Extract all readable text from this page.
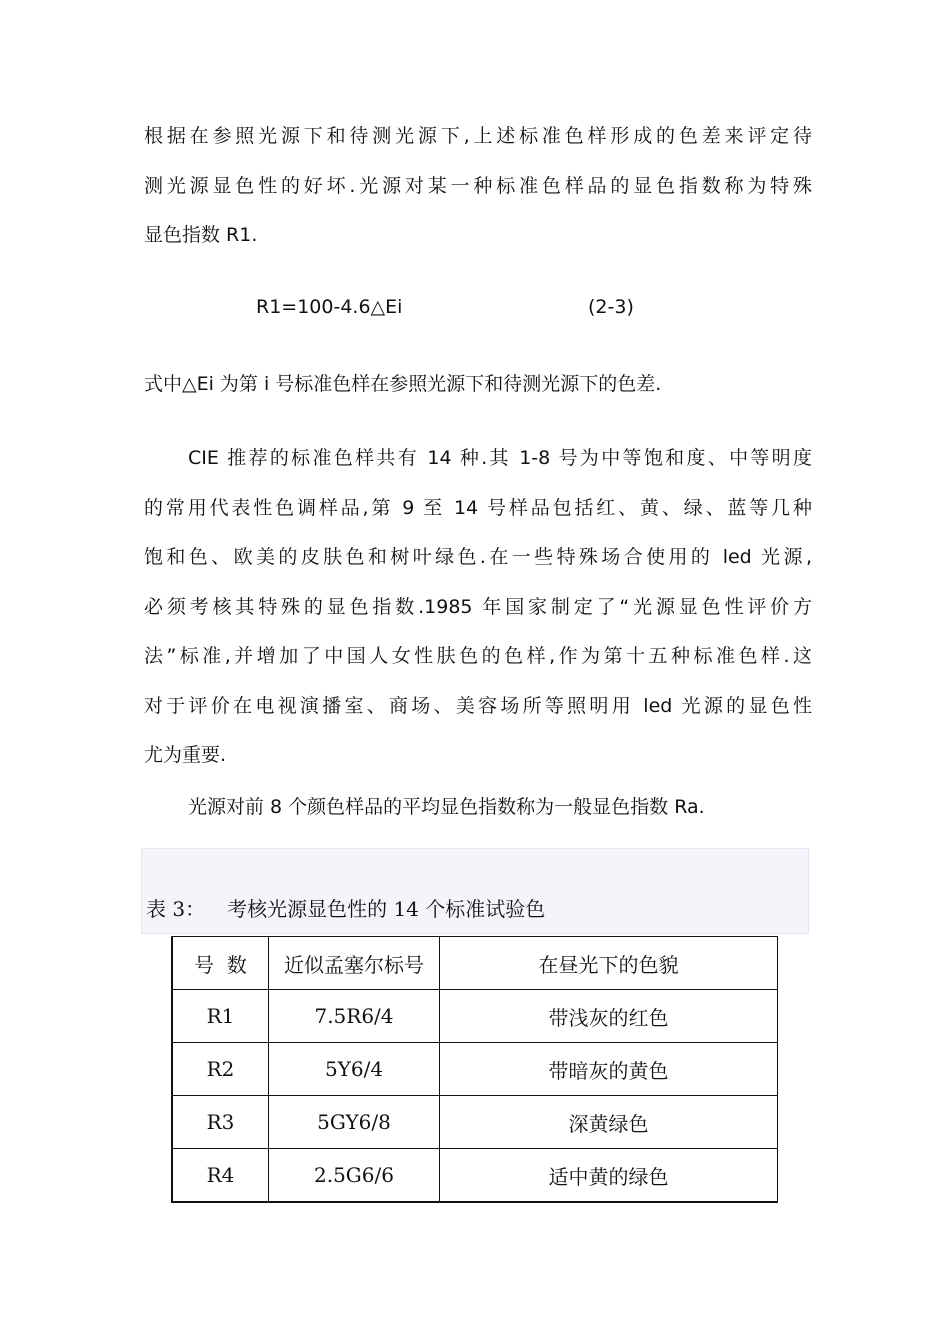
根据在参照光源下和待测光源下,上述标准色样形成的色差来评定待
测光源显色性的好坏.光源对某一种标准色样品的显色指数称为特殊
显色指数 R1.
R1=100-4.6△Ei	(2-3)
式中△Ei 为第 i 号标准色样在参照光源下和待测光源下的色差.
CIE 推荐的标准色样共有 14 种.其 1-8 号为中等饱和度、中等明度
的常用代表性色调样品,第 9 至 14 号样品包括红、黄、绿、蓝等几种
饱和色、欧美的皮肤色和树叶绿色.在一些特殊场合使用的 led 光源,
必须考核其特殊的显色指数.1985 年国家制定了“光源显色性评价方
法”标准,并增加了中国人女性肤色的色样,作为第十五种标准色样.这
对于评价在电视演播室、商场、美容场所等照明用 led 光源的显色性
尤为重要.
光源对前 8 个颜色样品的平均显色指数称为一般显色指数 Ra.
表 3： 考核光源显色性的 14 个标准试验色
号  数	近似孟塞尔标号	在昼光下的色貌
R1	7.5R6/4	带浅灰的红色
R2	5Y6/4	带暗灰的黄色
R3	5GY6/8	深黄绿色
R4	2.5G6/6	适中黄的绿色
